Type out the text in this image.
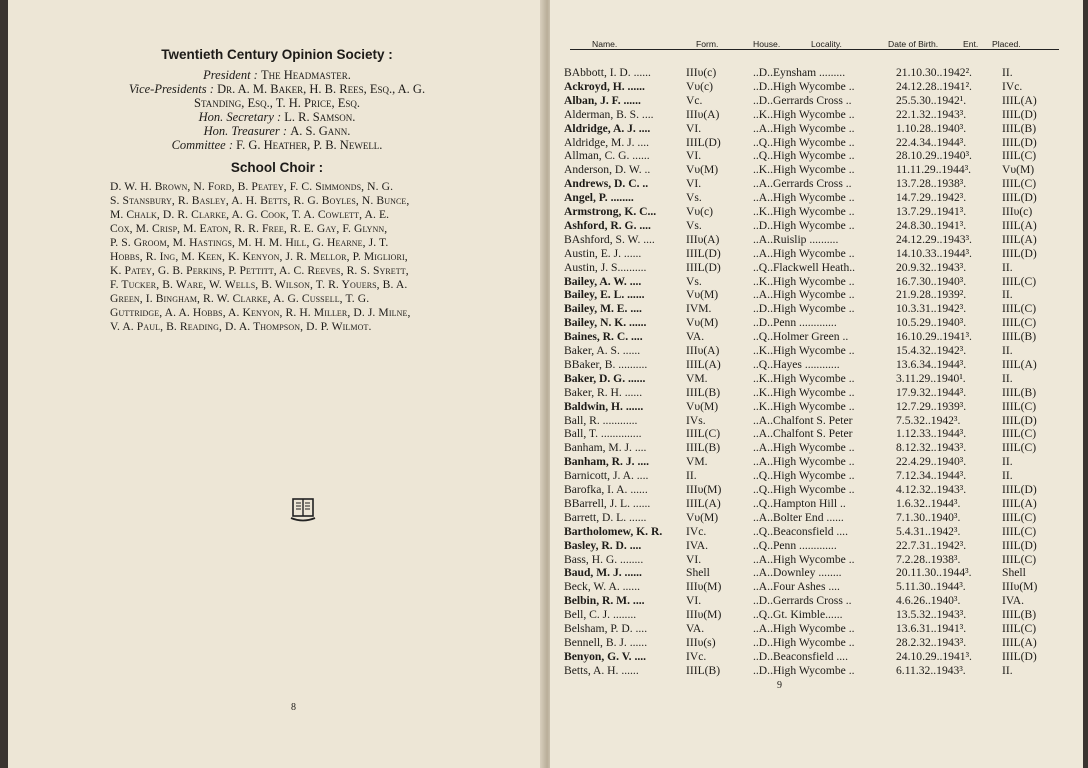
Twentieth Century Opinion Society :
President : The Headmaster.
Vice-Presidents : Dr. A. M. Baker, H. B. Rees, Esq., A. G.
Standing, Esq., T. H. Price, Esq.
Hon. Secretary : L. R. Samson.
Hon. Treasurer : A. S. Gann.
Committee : F. G. Heather, P. B. Newell.
School Choir :
D. W. H. Brown, N. Ford, B. Peatey, F. C. Simmonds, N. G.
S. Stansbury, R. Basley, A. H. Betts, R. G. Boyles, N. Bunce,
M. Chalk, D. R. Clarke, A. G. Cook, T. A. Cowlett, A. E.
Cox, M. Crisp, M. Eaton, R. R. Free, R. E. Gay, F. Glynn,
P. S. Groom, M. Hastings, M. H. M. Hill, G. Hearne, J. T.
Hobbs, R. Ing, M. Keen, K. Kenyon, J. R. Mellor, P. Migliori,
K. Patey, G. B. Perkins, P. Pettitt, A. C. Reeves, R. S. Syrett,
F. Tucker, B. Ware, W. Wells, B. Wilson, T. R. Youers, B. A.
Green, I. Bingham, R. W. Clarke, A. G. Cussell, T. G.
Guttridge, A. A. Hobbs, A. Kenyon, R. H. Miller, D. J. Milne,
V. A. Paul, B. Reading, D. A. Thompson, D. P. Wilmot.
8
Name.	Form.	House.	Locality.	Date of Birth.	Ent. Placed.
BAbbott, I. D. ......	IIIυ(c)	..D..Eynsham .........	21.10.30..1942².	II.
Ackroyd, H. ......	Vυ(c)	..D..High Wycombe ..	24.12.28..1941².	IVc.
Alban, J. F. ......	Vc.	..D..Gerrards Cross ..	25.5.30..1942¹.	IIIL(A)
Alderman, B. S. ....	IIIυ(A)	..K..High Wycombe ..	22.1.32..1943³.	IIIL(D)
Aldridge, A. J. ....	VI.	..A..High Wycombe ..	1.10.28..1940³.	IIIL(B)
Aldridge, M. J. ....	IIIL(D)	..Q..High Wycombe ..	22.4.34..1944³.	IIIL(D)
Allman, C. G. ......	VI.	..Q..High Wycombe ..	28.10.29..1940³.	IIIL(C)
Anderson, D. W. ..	Vυ(M)	..K..High Wycombe ..	11.11.29..1944³.	Vυ(M)
Andrews, D. C. ..	VI.	..A..Gerrards Cross ..	13.7.28..1938³.	IIIL(C)
Angel, P. ........	Vs.	..A..High Wycombe ..	14.7.29..1942³.	IIIL(D)
Armstrong, K. C...	Vυ(c)	..K..High Wycombe ..	13.7.29..1941³.	IIIυ(c)
Ashford, R. G. ....	Vs.	..D..High Wycombe ..	24.8.30..1941³.	IIIL(A)
BAshford, S. W. ....	IIIυ(A)	..A..Ruislip ..........	24.12.29..1943³.	IIIL(A)
Austin, E. J. ......	IIIL(D)	..A..High Wycombe ..	14.10.33..1944³.	IIIL(D)
Austin, J. S..........	IIIL(D)	..Q..Flackwell Heath..	20.9.32..1943³.	II.
Bailey, A. W. ....	Vs.	..K..High Wycombe ..	16.7.30..1940³.	IIIL(C)
Bailey, E. L. ......	Vυ(M)	..A..High Wycombe ..	21.9.28..1939².	II.
Bailey, M. E. ....	IVM.	..D..High Wycombe ..	10.3.31..1942³.	IIIL(C)
Bailey, N. K. ......	Vυ(M)	..D..Penn .............	10.5.29..1940³.	IIIL(C)
Baines, R. C. ....	VA.	..Q..Holmer Green ..	16.10.29..1941³.	IIIL(B)
Baker, A. S. ......	IIIυ(A)	..K..High Wycombe ..	15.4.32..1942³.	II.
BBaker, B. ..........	IIIL(A)	..Q..Hayes ............	13.6.34..1944³.	IIIL(A)
Baker, D. G. ......	VM.	..K..High Wycombe ..	3.11.29..1940¹.	II.
Baker, R. H. ......	IIIL(B)	..K..High Wycombe ..	17.9.32..1944³.	IIIL(B)
Baldwin, H. ......	Vυ(M)	..K..High Wycombe ..	12.7.29..1939³.	IIIL(C)
Ball, R. ............	IVs.	..A..Chalfont S. Peter	7.5.32..1942³.	IIIL(D)
Ball, T. ..............	IIIL(C)	..A..Chalfont S. Peter	1.12.33..1944³.	IIIL(C)
Banham, M. J. ....	IIIL(B)	..A..High Wycombe ..	8.12.32..1943³.	IIIL(C)
Banham, R. J. ....	VM.	..A..High Wycombe ..	22.4.29..1940³.	II.
Barnicott, J. A. ....	II.	..Q..High Wycombe ..	7.12.34..1944³.	II.
Barofka, I. A. ......	IIIυ(M)	..Q..High Wycombe ..	4.12.32..1943³.	IIIL(D)
BBarrell, J. L. ......	IIIL(A)	..Q..Hampton Hill ..	1.6.32..1944³.	IIIL(A)
Barrett, D. L. ......	Vυ(M)	..A..Bolter End ......	7.1.30..1940³.	IIIL(C)
Bartholomew, K. R. IVc.	..Q..Beaconsfield ....	5.4.31..1942³.	IIIL(C)
Basley, R. D. ....	IVA.	..Q..Penn .............	22.7.31..1942³.	IIIL(D)
Bass, H. G. ........	VI.	..A..High Wycombe ..	7.2.28..1938³.	IIIL(C)
Baud, M. J. ......	Shell	..A..Downley ........	20.11.30..1944³.	Shell
Beck, W. A. ......	IIIυ(M)	..A..Four Ashes ....	5.11.30..1944³.	IIIυ(M)
Belbin, R. M. ....	VI.	..D..Gerrards Cross ..	4.6.26..1940³.	IVA.
Bell, C. J. ........	IIIυ(M)	..Q..Gt. Kimble......	13.5.32..1943³.	IIIL(B)
Belsham, P. D. ....	VA.	..A..High Wycombe ..	13.6.31..1941³.	IIIL(C)
Bennell, B. J. ......	IIIυ(s)	..D..High Wycombe ..	28.2.32..1943³.	IIIL(A)
Benyon, G. V. ....	IVc.	..D..Beaconsfield ....	24.10.29..1941³.	IIIL(D)
Betts, A. H. ......	IIIL(B)	..D..High Wycombe ..	6.11.32..1943³.	II.
9
